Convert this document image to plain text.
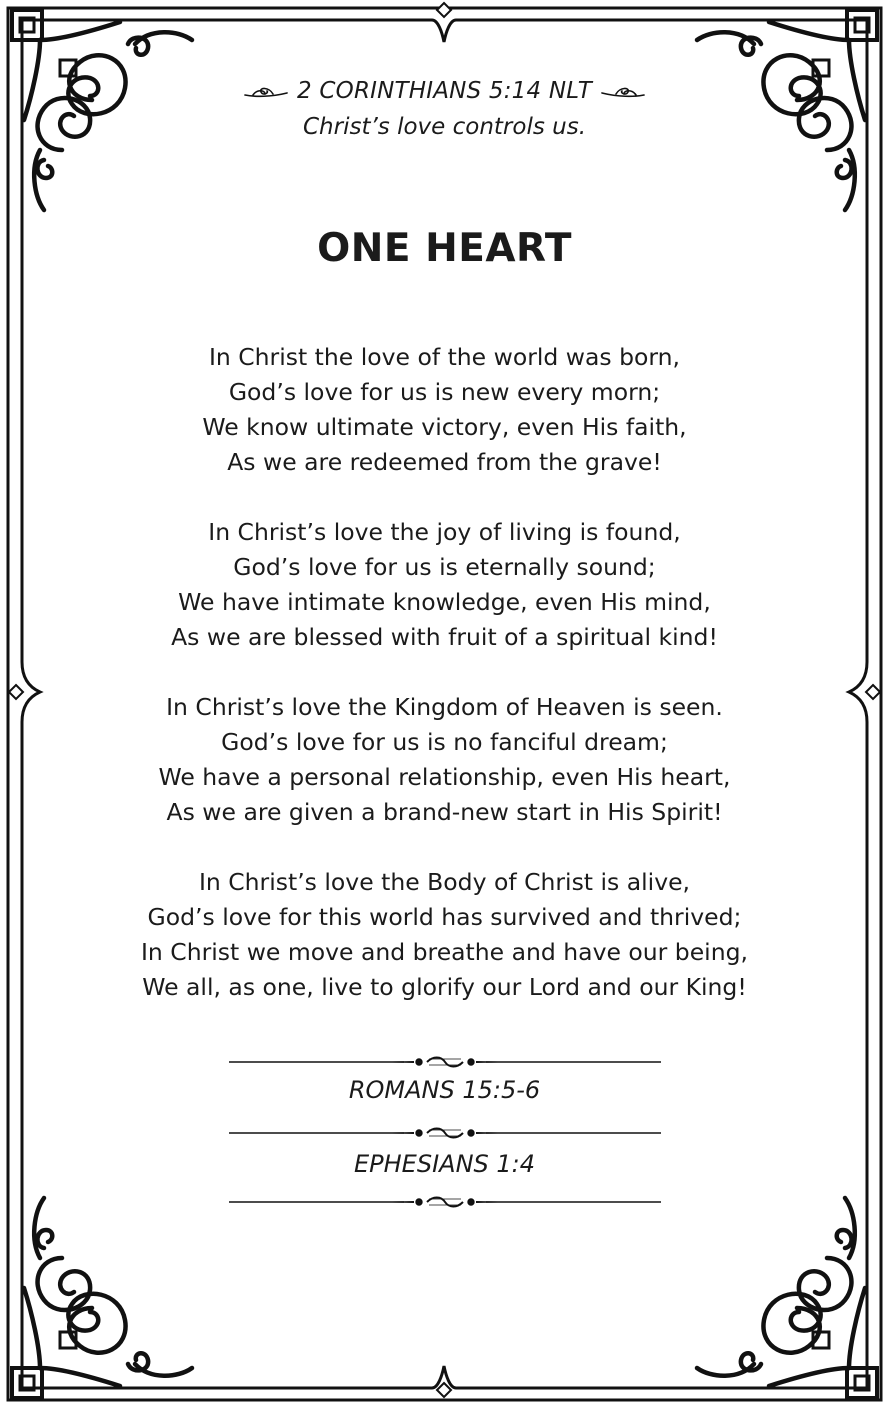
2 CORINTHIANS 5:14 NLT
Christ’s love controls us.
ONE HEART
In Christ the love of the world was born,
God’s love for us is new every morn;
We know ultimate victory, even His faith,
As we are redeemed from the grave!
In Christ’s love the joy of living is found,
God’s love for us is eternally sound;
We have intimate knowledge, even His mind,
As we are blessed with fruit of a spiritual kind!
In Christ’s love the Kingdom of Heaven is seen.
God’s love for us is no fanciful dream;
We have a personal relationship, even His heart,
As we are given a brand-new start in His Spirit!
In Christ’s love the Body of Christ is alive,
God’s love for this world has survived and thrived;
In Christ we move and breathe and have our being,
We all, as one, live to glorify our Lord and our King!
ROMANS 15:5-6
EPHESIANS 1:4
